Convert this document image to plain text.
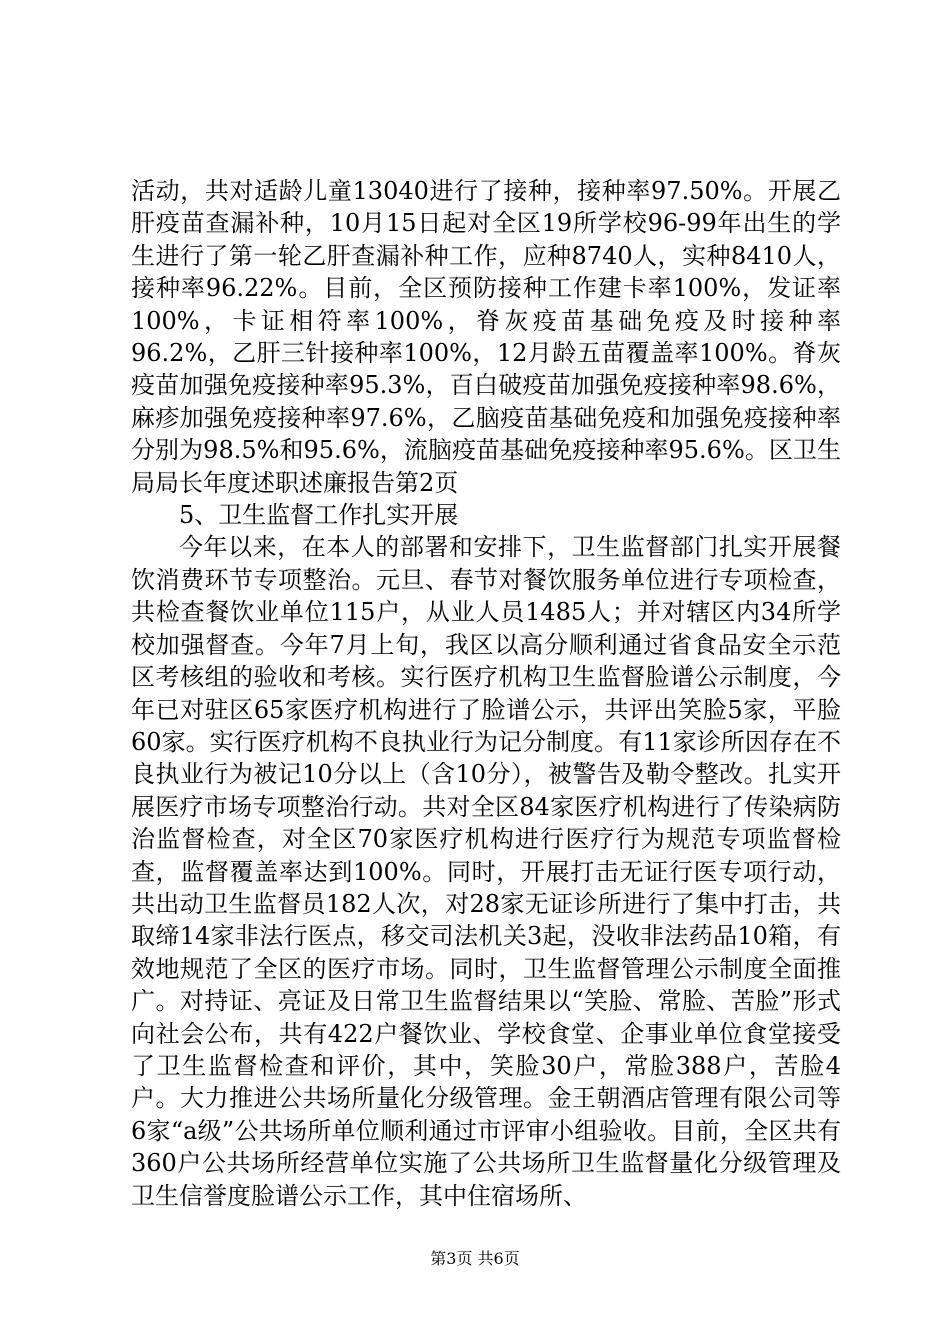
活动，共对适龄儿童13040进行了接种，接种率97.50%。开展乙肝疫苗查漏补种，10月15日起对全区19所学校96-99年出生的学生进行了第一轮乙肝查漏补种工作，应种8740人，实种8410人，接种率96.22%。目前，全区预防接种工作建卡率100%，发证率100%，卡证相符率100%，脊灰疫苗基础免疫及时接种率96.2%，乙肝三针接种率100%，12月龄五苗覆盖率100%。脊灰疫苗加强免疫接种率95.3%，百白破疫苗加强免疫接种率98.6%，麻疹加强免疫接种率97.6%，乙脑疫苗基础免疫和加强免疫接种率分别为98.5%和95.6%，流脑疫苗基础免疫接种率95.6%。区卫生局局长年度述职述廉报告第2页

5、卫生监督工作扎实开展

今年以来，在本人的部署和安排下，卫生监督部门扎实开展餐饮消费环节专项整治。元旦、春节对餐饮服务单位进行专项检查，共检查餐饮业单位115户，从业人员1485人；并对辖区内34所学校加强督查。今年7月上旬，我区以高分顺利通过省食品安全示范区考核组的验收和考核。实行医疗机构卫生监督脸谱公示制度，今年已对驻区65家医疗机构进行了脸谱公示，共评出笑脸5家，平脸60家。实行医疗机构不良执业行为记分制度。有11家诊所因存在不良执业行为被记10分以上（含10分），被警告及勒令整改。扎实开展医疗市场专项整治行动。共对全区84家医疗机构进行了传染病防治监督检查，对全区70家医疗机构进行医疗行为规范专项监督检查，监督覆盖率达到100%。同时，开展打击无证行医专项行动，共出动卫生监督员182人次，对28家无证诊所进行了集中打击，共取缔14家非法行医点，移交司法机关3起，没收非法药品10箱，有效地规范了全区的医疗市场。同时，卫生监督管理公示制度全面推广。对持证、亮证及日常卫生监督结果以“笑脸、常脸、苦脸”形式向社会公布，共有422户餐饮业、学校食堂、企事业单位食堂接受了卫生监督检查和评价，其中，笑脸30户，常脸388户，苦脸4户。大力推进公共场所量化分级管理。金王朝酒店管理有限公司等6家“a级”公共场所单位顺利通过市评审小组验收。目前，全区共有360户公共场所经营单位实施了公共场所卫生监督量化分级管理及卫生信誉度脸谱公示工作，其中住宿场所、

第3页 共6页
